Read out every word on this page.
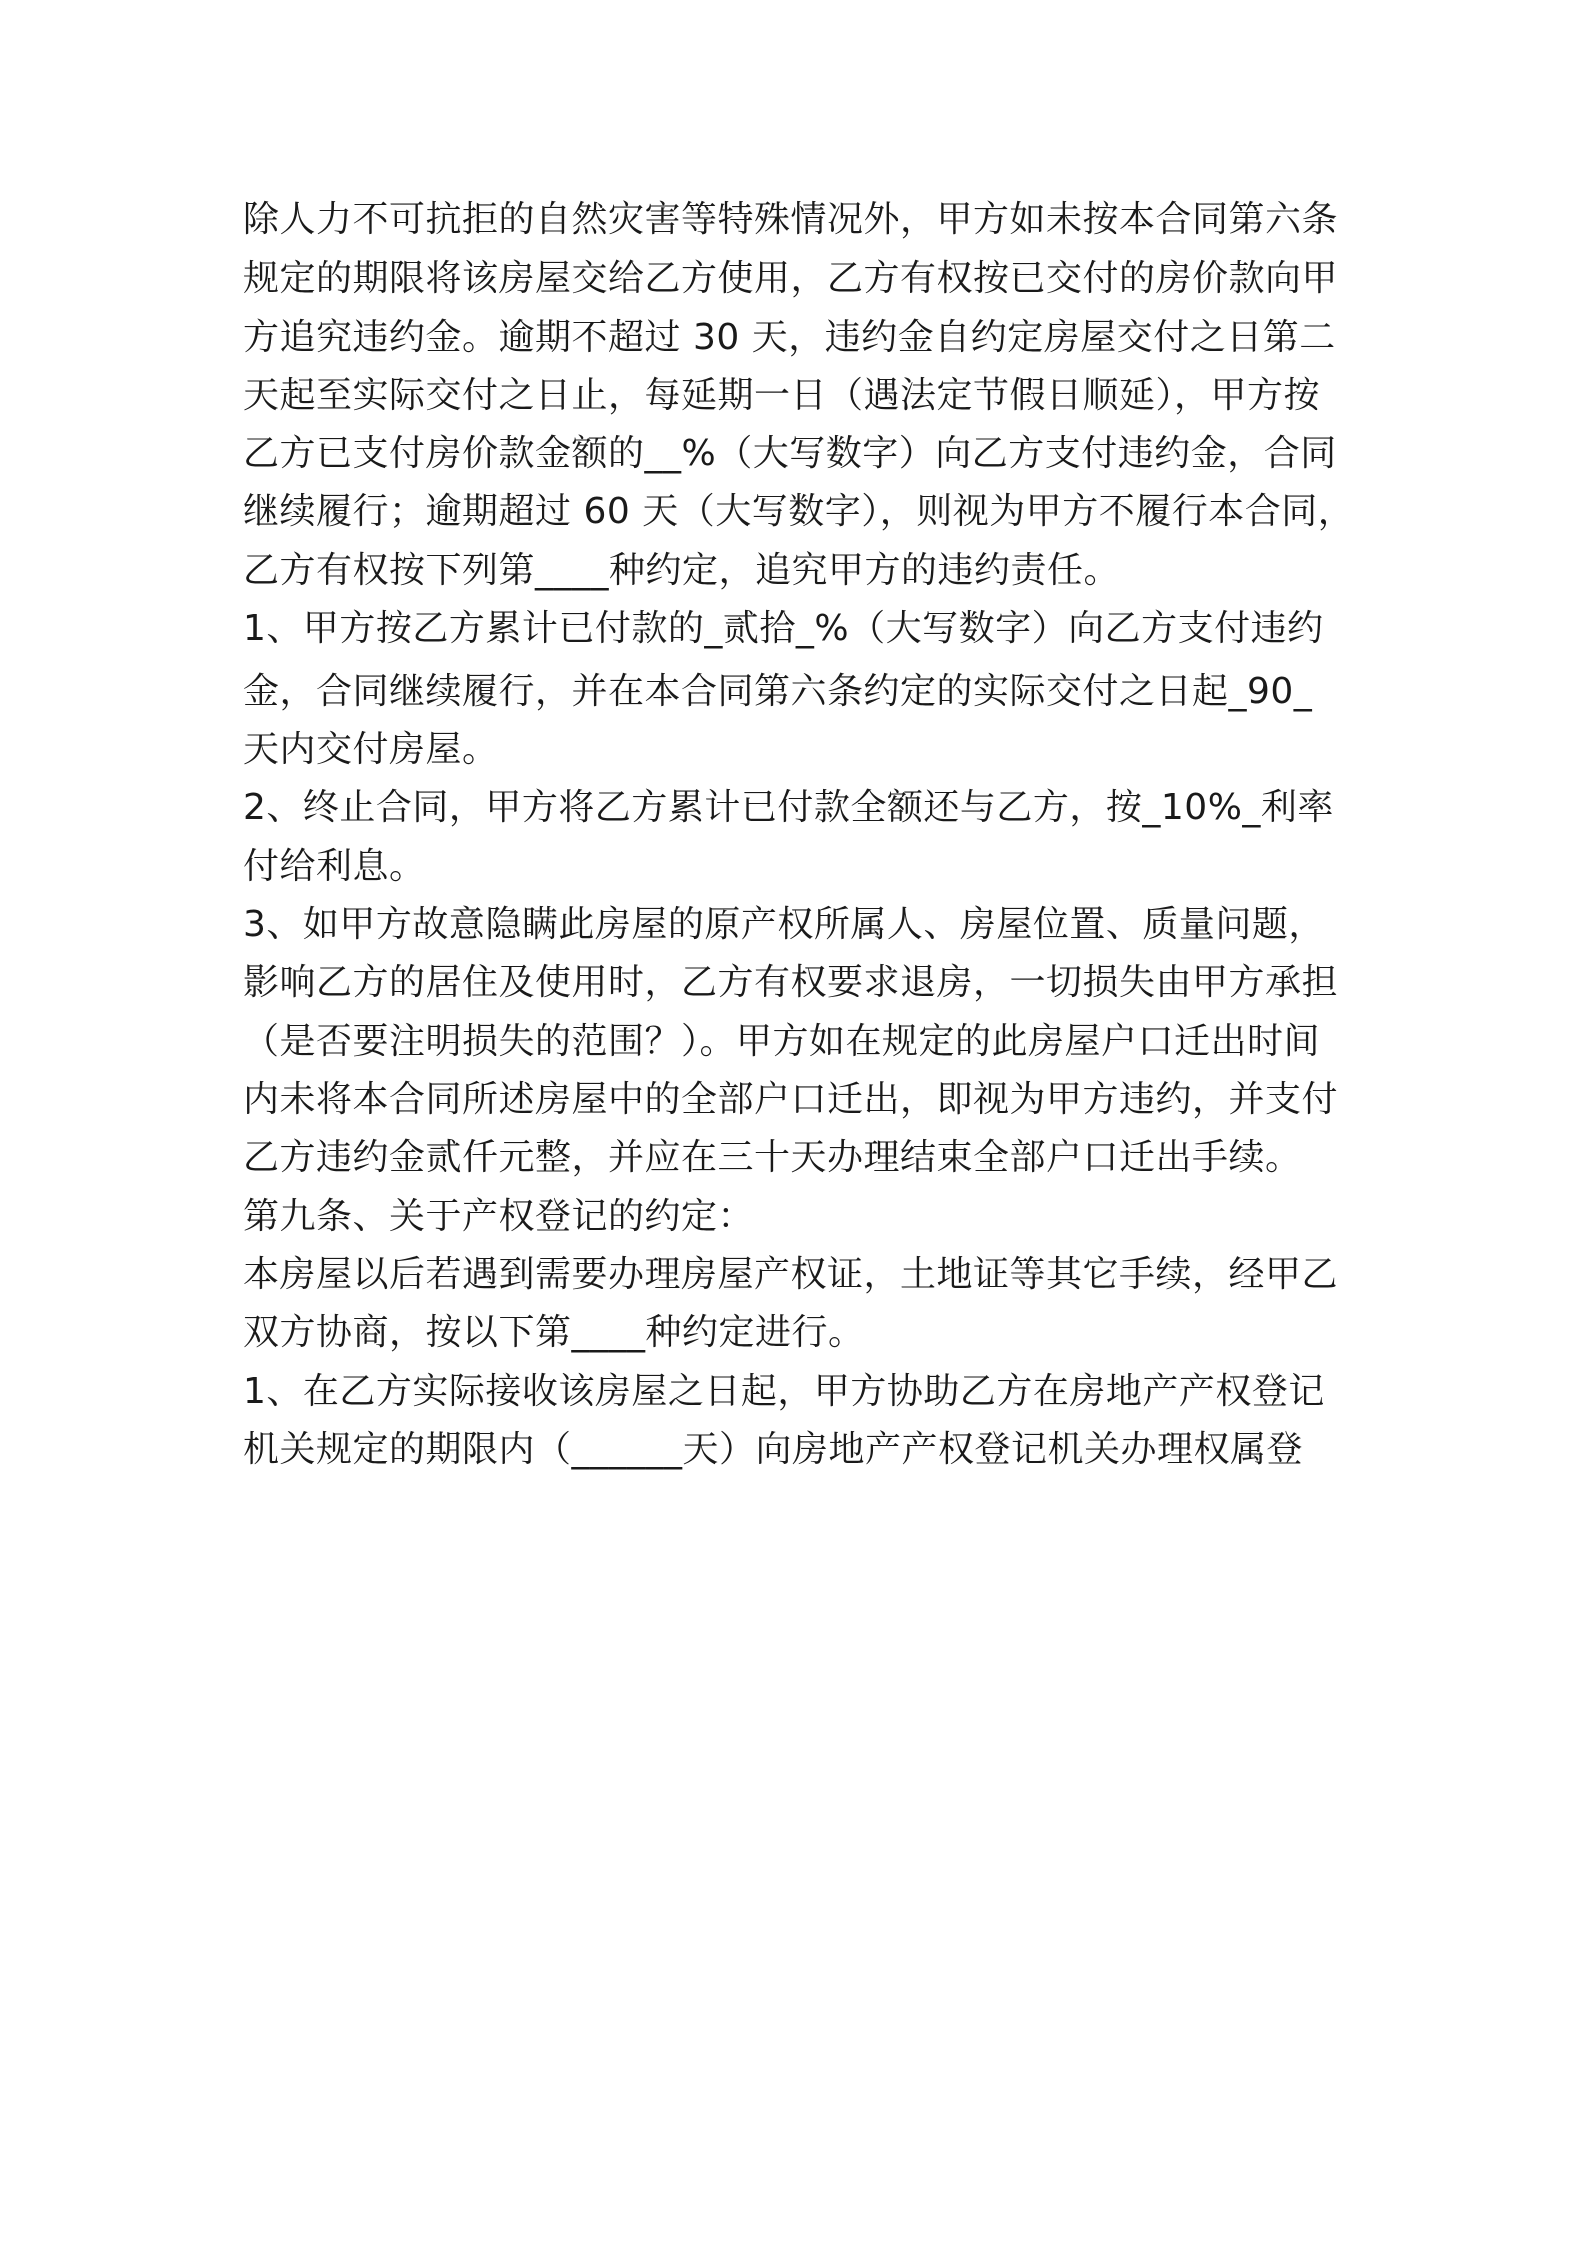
除人力不可抗拒的自然灾害等特殊情况外，甲方如未按本合同第六条
规定的期限将该房屋交给乙方使用，乙方有权按已交付的房价款向甲
方追究违约金。逾期不超过 30 天，违约金自约定房屋交付之日第二
天起至实际交付之日止，每延期一日（遇法定节假日顺延），甲方按
乙方已支付房价款金额的__%（大写数字）向乙方支付违约金，合同
继续履行；逾期超过 60 天（大写数字），则视为甲方不履行本合同，
乙方有权按下列第____种约定，追究甲方的违约责任。
1、甲方按乙方累计已付款的_贰拾_%（大写数字）向乙方支付违约
金，合同继续履行，并在本合同第六条约定的实际交付之日起_90_
天内交付房屋。
2、终止合同，甲方将乙方累计已付款全额还与乙方，按_10%_利率
付给利息。
3、如甲方故意隐瞒此房屋的原产权所属人、房屋位置、质量问题，
影响乙方的居住及使用时，乙方有权要求退房，一切损失由甲方承担
（是否要注明损失的范围？）。甲方如在规定的此房屋户口迁出时间
内未将本合同所述房屋中的全部户口迁出，即视为甲方违约，并支付
乙方违约金贰仟元整，并应在三十天办理结束全部户口迁出手续。
第九条、关于产权登记的约定：
本房屋以后若遇到需要办理房屋产权证，土地证等其它手续，经甲乙
双方协商，按以下第____种约定进行。
1、在乙方实际接收该房屋之日起，甲方协助乙方在房地产产权登记
机关规定的期限内（______天）向房地产产权登记机关办理权属登
